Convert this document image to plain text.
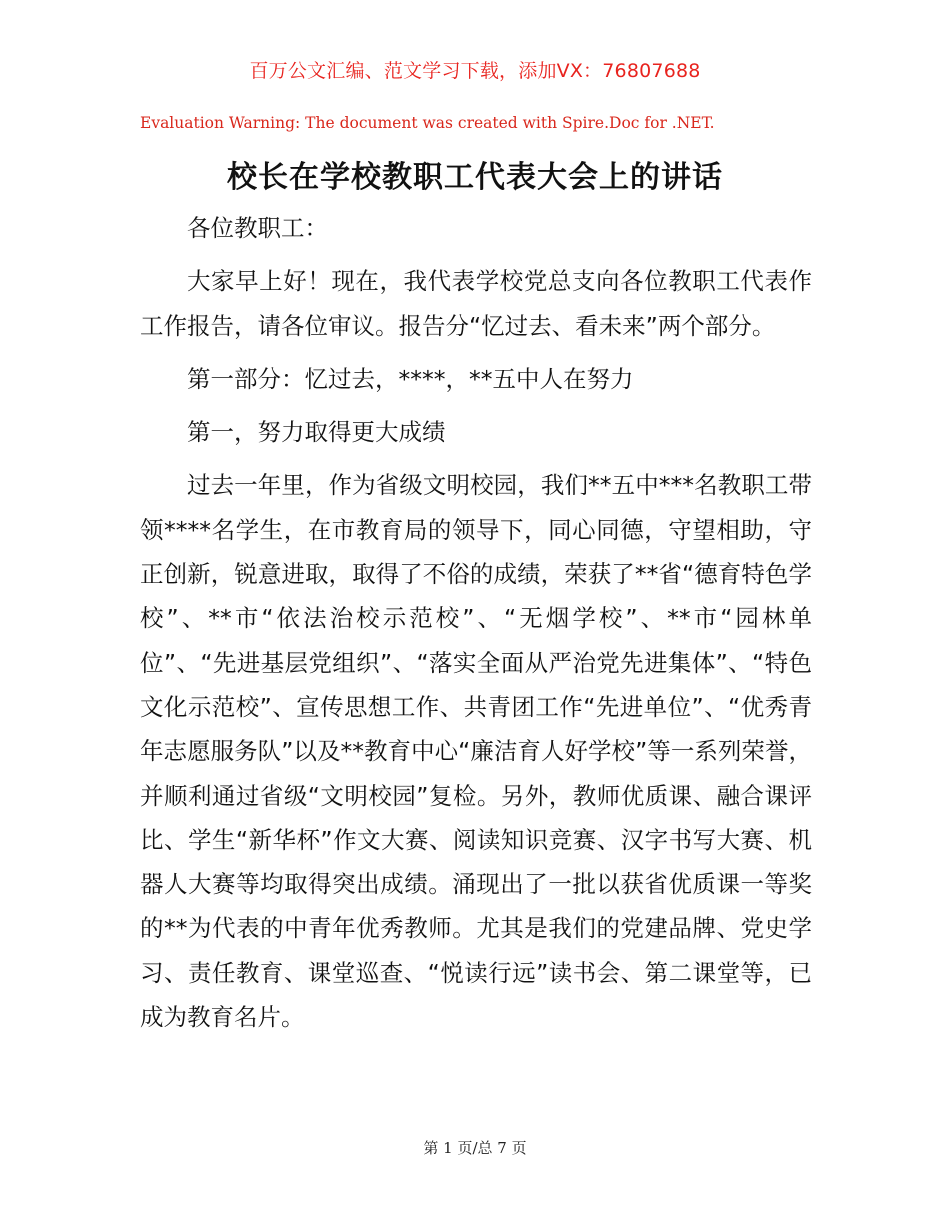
百万公文汇编、范文学习下载，添加VX：76807688
Evaluation Warning: The document was created with Spire.Doc for .NET.
校长在学校教职工代表大会上的讲话

各位教职工：

大家早上好！现在，我代表学校党总支向各位教职工代表作工作报告，请各位审议。报告分“忆过去、看未来”两个部分。

第一部分：忆过去，****，**五中人在努力

第一，努力取得更大成绩

过去一年里，作为省级文明校园，我们**五中***名教职工带领****名学生，在市教育局的领导下，同心同德，守望相助，守正创新，锐意进取，取得了不俗的成绩，荣获了**省“德育特色学校”、**市“依法治校示范校”、“无烟学校”、**市“园林单位”、“先进基层党组织”、“落实全面从严治党先进集体”、“特色文化示范校”、宣传思想工作、共青团工作“先进单位”、“优秀青年志愿服务队”以及**教育中心“廉洁育人好学校”等一系列荣誉，并顺利通过省级“文明校园”复检。另外，教师优质课、融合课评比、学生“新华杯”作文大赛、阅读知识竞赛、汉字书写大赛、机器人大赛等均取得突出成绩。涌现出了一批以获省优质课一等奖的**为代表的中青年优秀教师。尤其是我们的党建品牌、党史学习、责任教育、课堂巡查、“悦读行远”读书会、第二课堂等，已成为教育名片。

第 1 页/总 7 页
